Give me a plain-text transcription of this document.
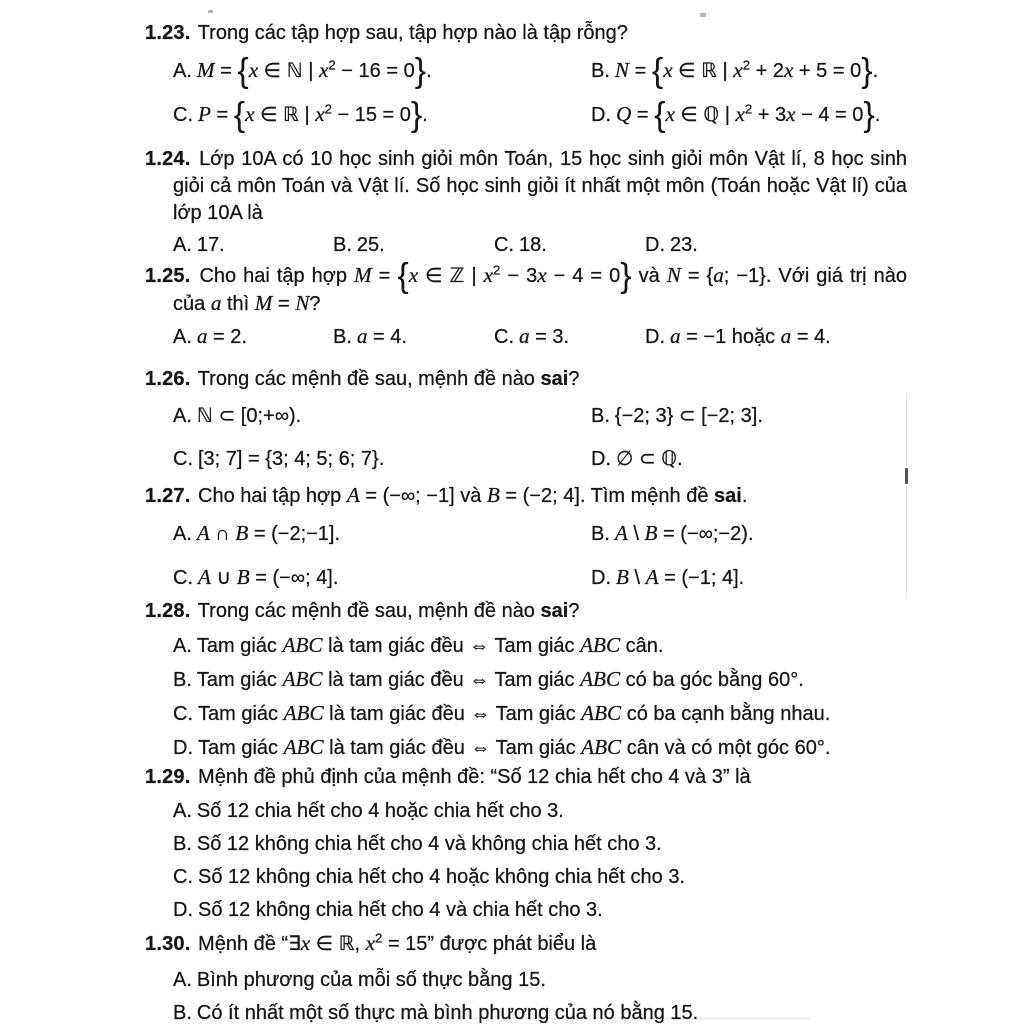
1.23. Trong các tập hợp sau, tập hợp nào là tập rỗng?

A. M = {x ∈ ℕ | $x^2 - 16 = 0$}.	B. N = {x ∈ ℝ | $x^2 + 2x + 5 = 0$}.

C. P = {x ∈ ℝ | $x^2 - 15 = 0$}.	D. Q = {x ∈ ℚ | $x^2 + 3x - 4 = 0$}.

1.24. Lớp 10A có 10 học sinh giỏi môn Toán, 15 học sinh giỏi môn Vật lí, 8 học sinh giỏi cả môn Toán và Vật lí. Số học sinh giỏi ít nhất một môn (Toán hoặc Vật lí) của lớp 10A là

A. 17.	B. 25.	C. 18.	D. 23.

1.25. Cho hai tập hợp M = {x ∈ ℤ | $x^2 - 3x - 4 = 0$} và N = {a; −1}. Với giá trị nào của a thì M = N?

A. a = 2.	B. a = 4.	C. a = 3.	D. a = −1 hoặc a = 4.

1.26. Trong các mệnh đề sau, mệnh đề nào sai?

A. ℕ ⊂ [0;+∞).	B. {−2; 3} ⊂ [−2; 3].

C. [3; 7] = {3; 4; 5; 6; 7}.	D. ∅ ⊂ ℚ.

1.27. Cho hai tập hợp A = (−∞; −1] và B = (−2; 4]. Tìm mệnh đề sai.

A. A ∩ B = (−2;−1].	B. A \ B = (−∞;−2).

C. A ∪ B = (−∞; 4].	D. B \ A = (−1; 4].

1.28. Trong các mệnh đề sau, mệnh đề nào sai?

A. Tam giác ABC là tam giác đều ⇔ Tam giác ABC cân.

B. Tam giác ABC là tam giác đều ⇔ Tam giác ABC có ba góc bằng 60°.

C. Tam giác ABC là tam giác đều ⇔ Tam giác ABC có ba cạnh bằng nhau.

D. Tam giác ABC là tam giác đều ⇔ Tam giác ABC cân và có một góc 60°.

1.29. Mệnh đề phủ định của mệnh đề: “Số 12 chia hết cho 4 và 3” là

A. Số 12 chia hết cho 4 hoặc chia hết cho 3.

B. Số 12 không chia hết cho 4 và không chia hết cho 3.

C. Số 12 không chia hết cho 4 hoặc không chia hết cho 3.

D. Số 12 không chia hết cho 4 và chia hết cho 3.

1.30. Mệnh đề “∃x ∈ ℝ, $x^2 = 15$” được phát biểu là

A. Bình phương của mỗi số thực bằng 15.

B. Có ít nhất một số thực mà bình phương của nó bằng 15.
